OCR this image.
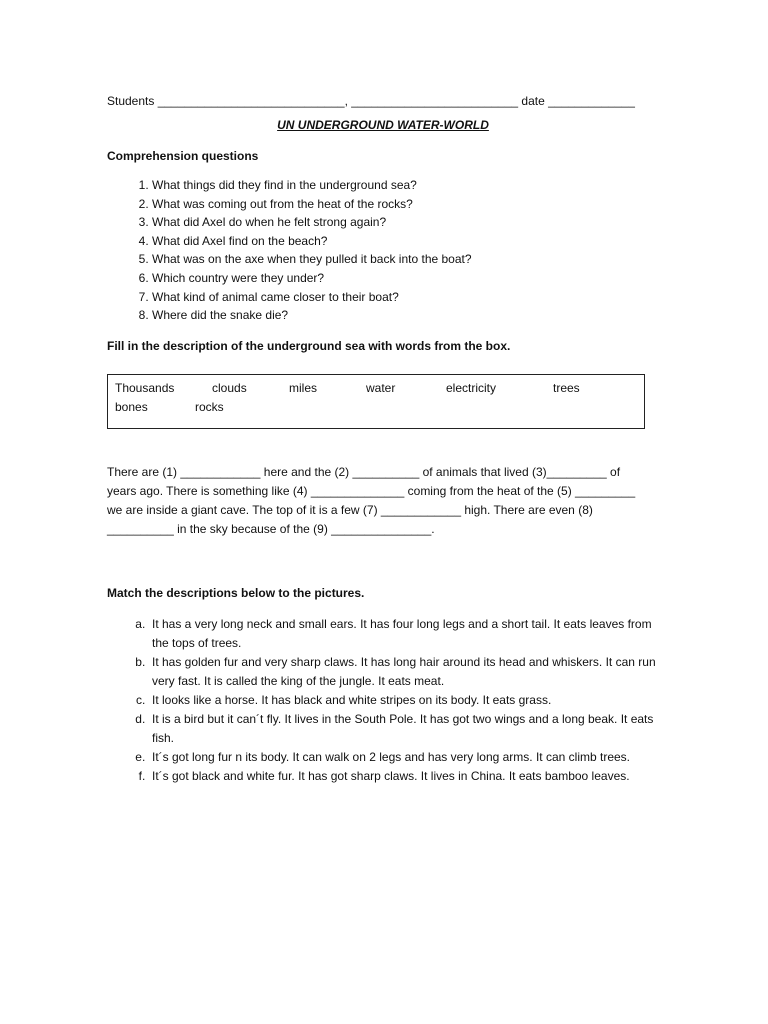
Students ____________________________, _________________________ date _____________

UN UNDERGROUND WATER-WORLD
Comprehension questions
1. What things did they find in the underground sea?
2. What was coming out from the heat of the rocks?
3. What did Axel do when he felt strong again?
4. What did Axel find on the beach?
5. What was on the axe when they pulled it back into the boat?
6. Which country were they under?
7. What kind of animal came closer to their boat?
8. Where did the snake die?
Fill in the description of the underground sea with words from the box.
Thousands	clouds	miles	water	electricity	trees
bones	rocks
There are (1) ____________ here and the (2) __________ of animals that lived (3)_________ of
years ago. There is something like (4) ______________ coming from the heat of the (5) _________
we are inside a giant cave. The top of it is a few (7) ____________ high. There are even (8)
__________ in the sky because of the (9) _______________.
Match the descriptions below to the pictures.
a. It has a very long neck and small ears. It has four long legs and a short tail. It eats leaves from the tops of trees.
b. It has golden fur and very sharp claws. It has long hair around its head and whiskers. It can run very fast. It is called the king of the jungle. It eats meat.
c. It looks like a horse. It has black and white stripes on its body. It eats grass.
d. It is a bird but it can´t fly. It lives in the South Pole. It has got two wings and a long beak. It eats fish.
e. It´s got long fur n its body. It can walk on 2 legs and has very long arms. It can climb trees.
f. It´s got black and white fur. It has got sharp claws. It lives in China. It eats bamboo leaves.
